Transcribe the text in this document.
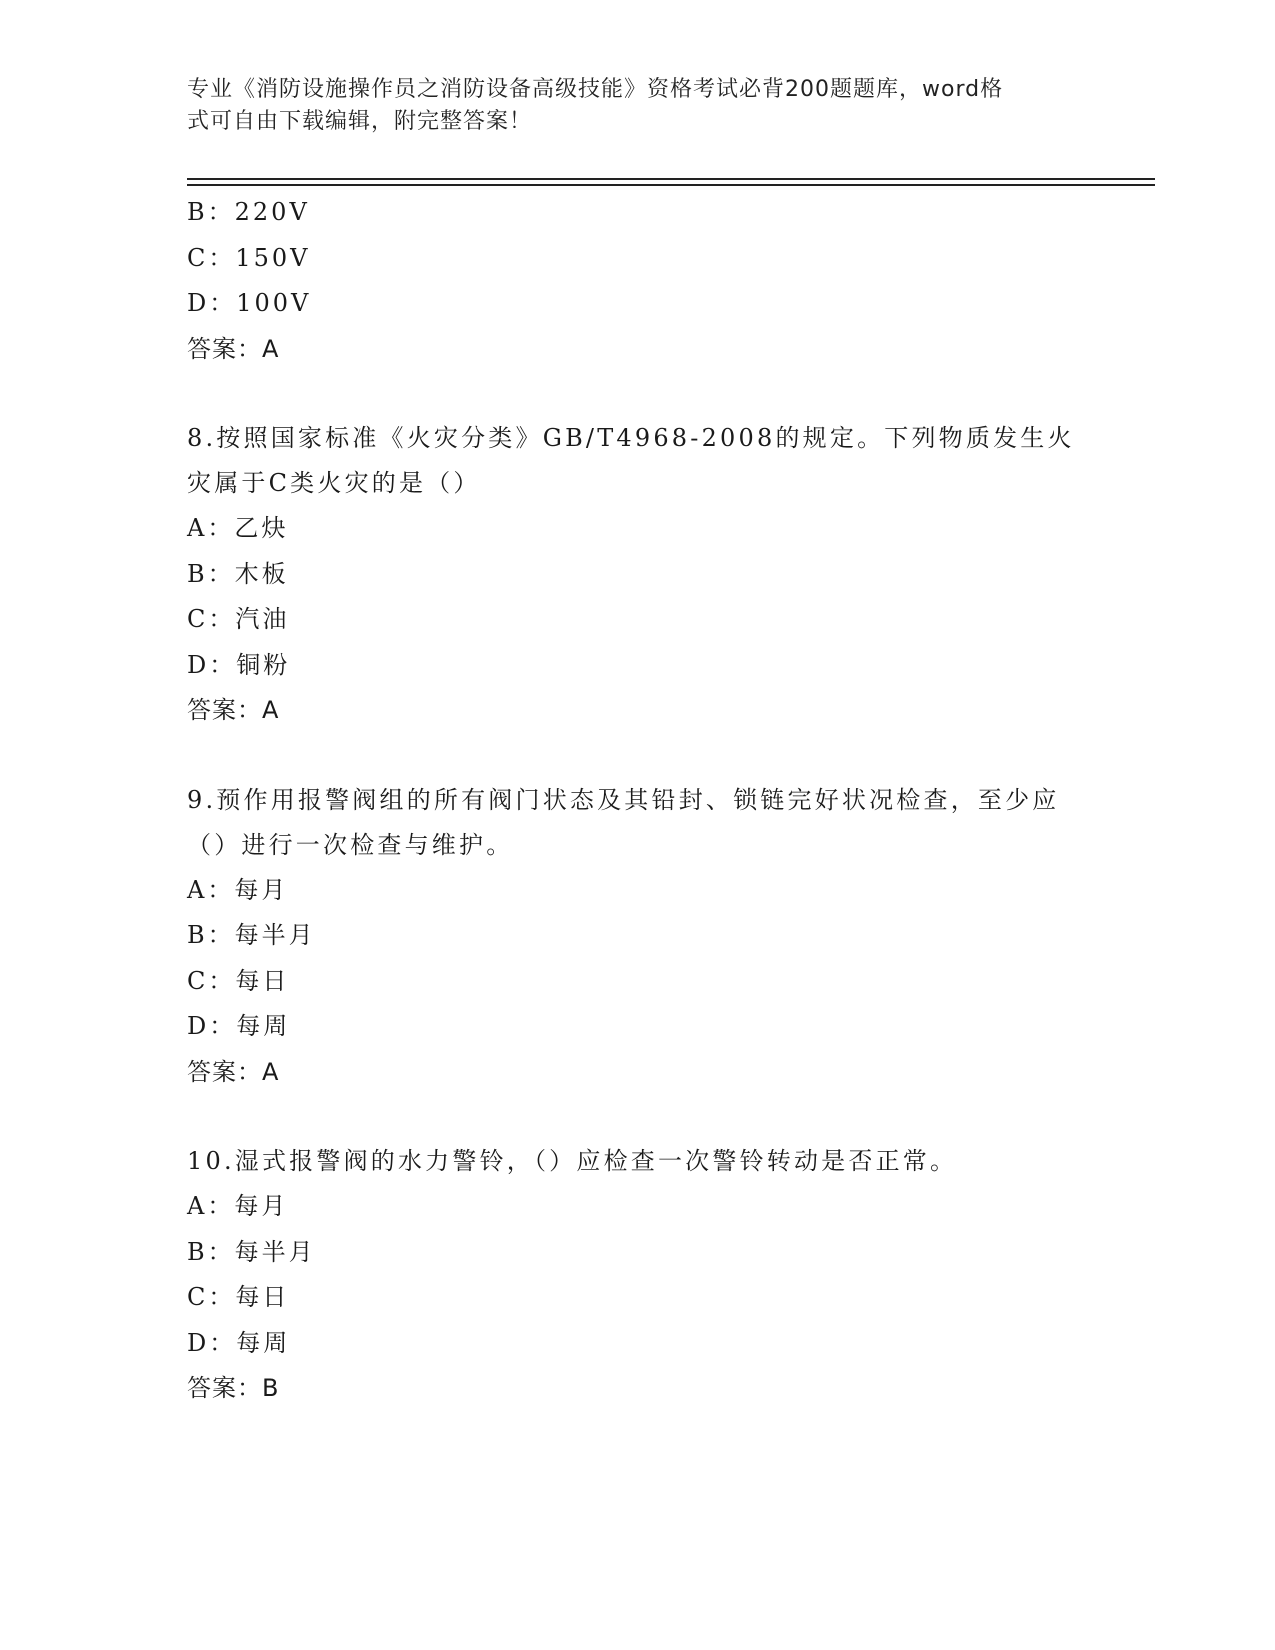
专业《消防设施操作员之消防设备高级技能》资格考试必背200题题库，word格
式可自由下载编辑，附完整答案！
B：220V
C：150V
D：100V
答案：A
8.按照国家标准《火灾分类》GB/T4968-2008的规定。下列物质发生火灾属于C类火灾的是（）
A：乙炔
B：木板
C：汽油
D：铜粉
答案：A
9.预作用报警阀组的所有阀门状态及其铅封、锁链完好状况检查，至少应（）进行一次检查与维护。
A：每月
B：每半月
C：每日
D：每周
答案：A
10.湿式报警阀的水力警铃，（）应检查一次警铃转动是否正常。
A：每月
B：每半月
C：每日
D：每周
答案：B
